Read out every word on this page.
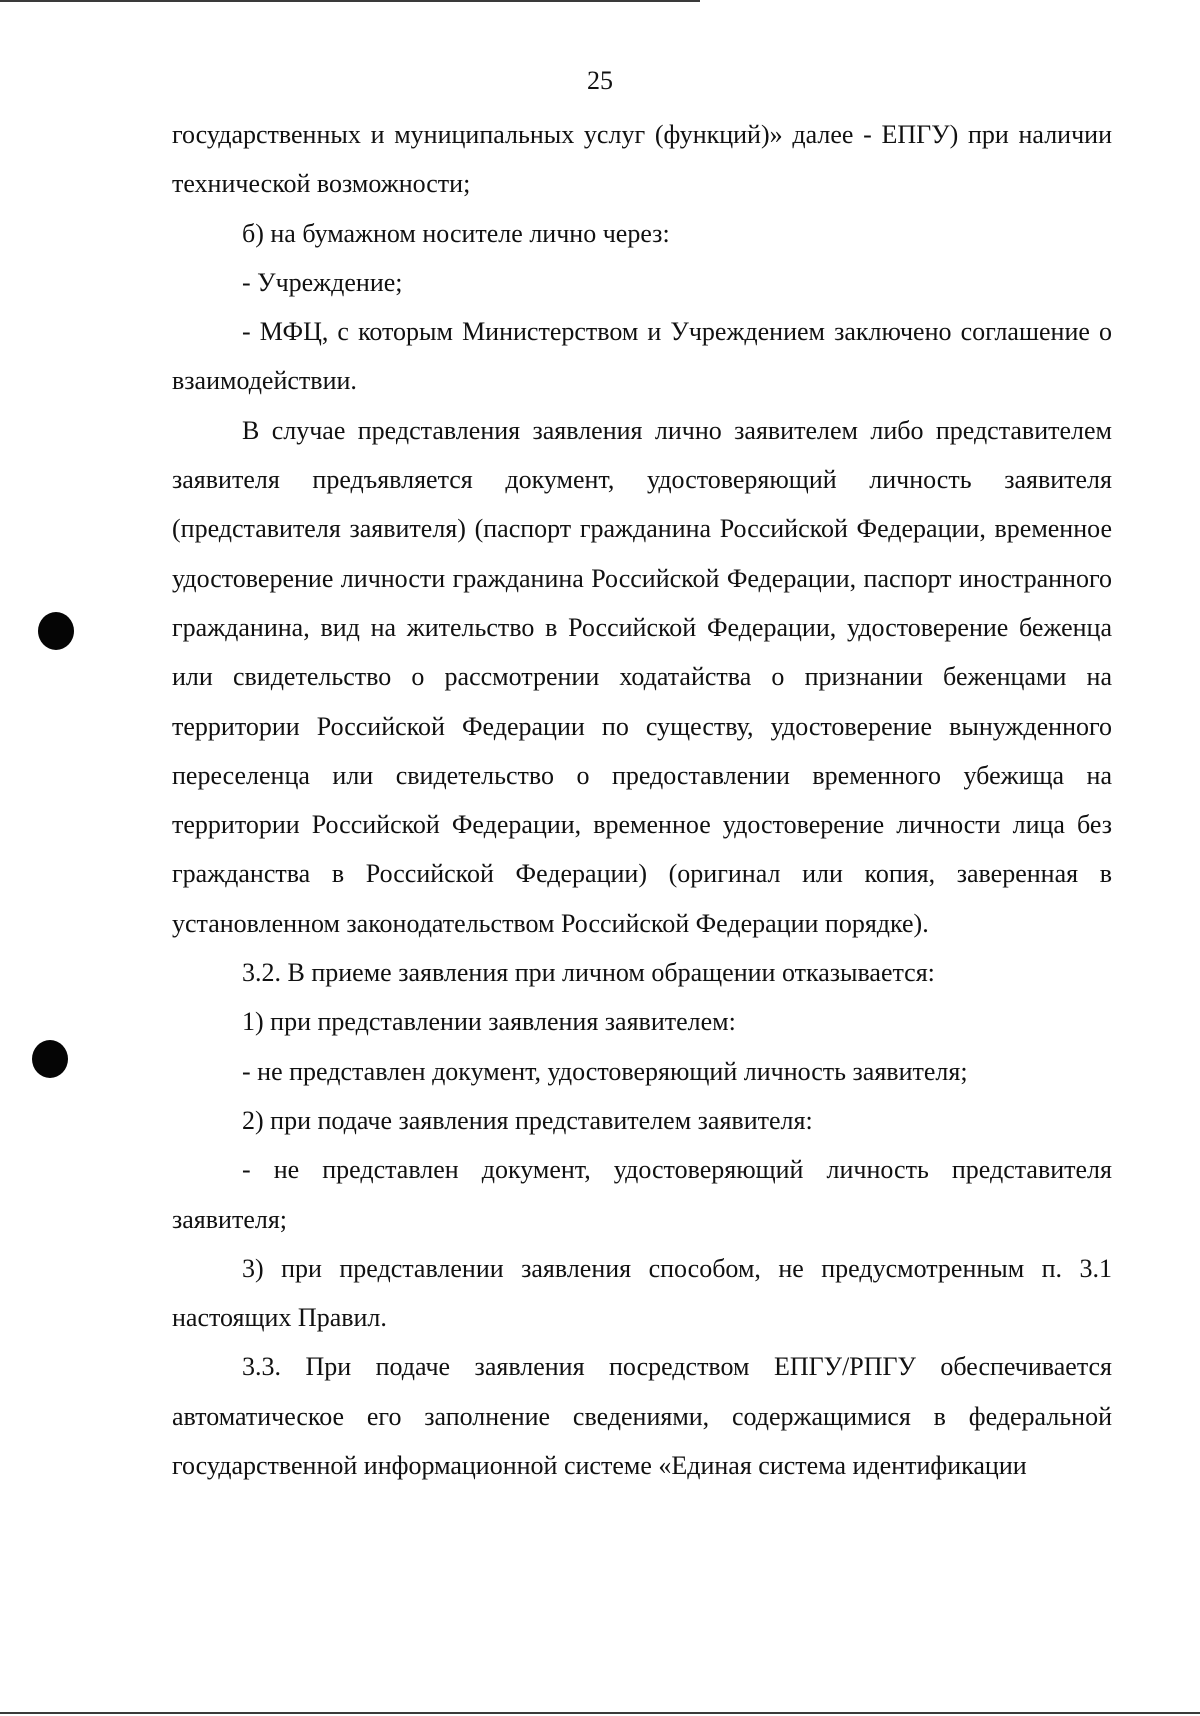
25

государственных и муниципальных услуг (функций)» далее - ЕПГУ) при наличии технической возможности;

б) на бумажном носителе лично через:

- Учреждение;

- МФЦ, с которым Министерством и Учреждением заключено соглашение о взаимодействии.

В случае представления заявления лично заявителем либо представителем заявителя предъявляется документ, удостоверяющий личность заявителя (представителя заявителя) (паспорт гражданина Российской Федерации, временное удостоверение личности гражданина Российской Федерации, паспорт иностранного гражданина, вид на жительство в Российской Федерации, удостоверение беженца или свидетельство о рассмотрении ходатайства о признании беженцами на территории Российской Федерации по существу, удостоверение вынужденного переселенца или свидетельство о предоставлении временного убежища на территории Российской Федерации, временное удостоверение личности лица без гражданства в Российской Федерации) (оригинал или копия, заверенная в установленном законодательством Российской Федерации порядке).

3.2. В приеме заявления при личном обращении отказывается:

1) при представлении заявления заявителем:

- не представлен документ, удостоверяющий личность заявителя;

2) при подаче заявления представителем заявителя:

- не представлен документ, удостоверяющий личность представителя заявителя;

3) при представлении заявления способом, не предусмотренным п. 3.1 настоящих Правил.

3.3. При подаче заявления посредством ЕПГУ/РПГУ обеспечивается автоматическое его заполнение сведениями, содержащимися в федеральной государственной информационной системе «Единая система идентификации
